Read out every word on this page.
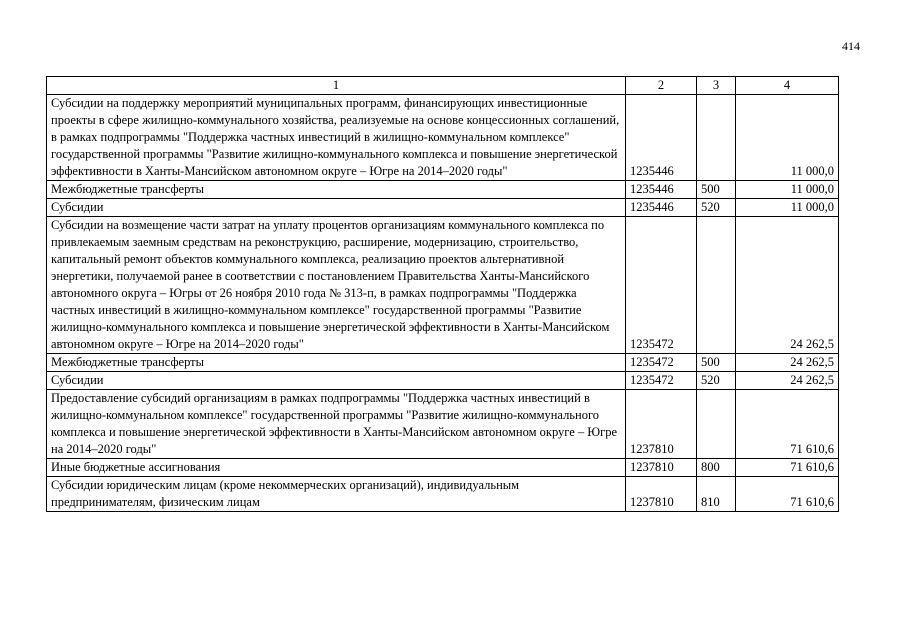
414
1	2	3	4
Субсидии на поддержку мероприятий муниципальных программ, финансирующих инвестиционные проекты в сфере жилищно-коммунального хозяйства, реализуемые на основе концессионных соглашений, в рамках подпрограммы "Поддержка частных инвестиций в жилищно-коммунальном комплексе" государственной программы "Развитие жилищно-коммунального комплекса и повышение энергетической эффективности в Ханты-Мансийском автономном округе – Югре на 2014–2020 годы"	1235446		11 000,0
Межбюджетные трансферты	1235446	500	11 000,0
Субсидии	1235446	520	11 000,0
Субсидии на возмещение части затрат на уплату процентов организациям коммунального комплекса по привлекаемым заемным средствам на реконструкцию, расширение, модернизацию, строительство, капитальный ремонт объектов коммунального комплекса, реализацию проектов альтернативной энергетики, получаемой ранее в соответствии с постановлением Правительства Ханты-Мансийского автономного округа – Югры от 26 ноября 2010 года № 313-п, в рамках подпрограммы "Поддержка частных инвестиций в жилищно-коммунальном комплексе" государственной программы "Развитие жилищно-коммунального комплекса и повышение энергетической эффективности в Ханты-Мансийском автономном округе – Югре на 2014–2020 годы"	1235472		24 262,5
Межбюджетные трансферты	1235472	500	24 262,5
Субсидии	1235472	520	24 262,5
Предоставление субсидий организациям в рамках подпрограммы "Поддержка частных инвестиций в жилищно-коммунальном комплексе" государственной программы "Развитие жилищно-коммунального комплекса и повышение энергетической эффективности в Ханты-Мансийском автономном округе – Югре на 2014–2020 годы"	1237810		71 610,6
Иные бюджетные ассигнования	1237810	800	71 610,6
Субсидии юридическим лицам (кроме некоммерческих организаций), индивидуальным предпринимателям, физическим лицам	1237810	810	71 610,6
